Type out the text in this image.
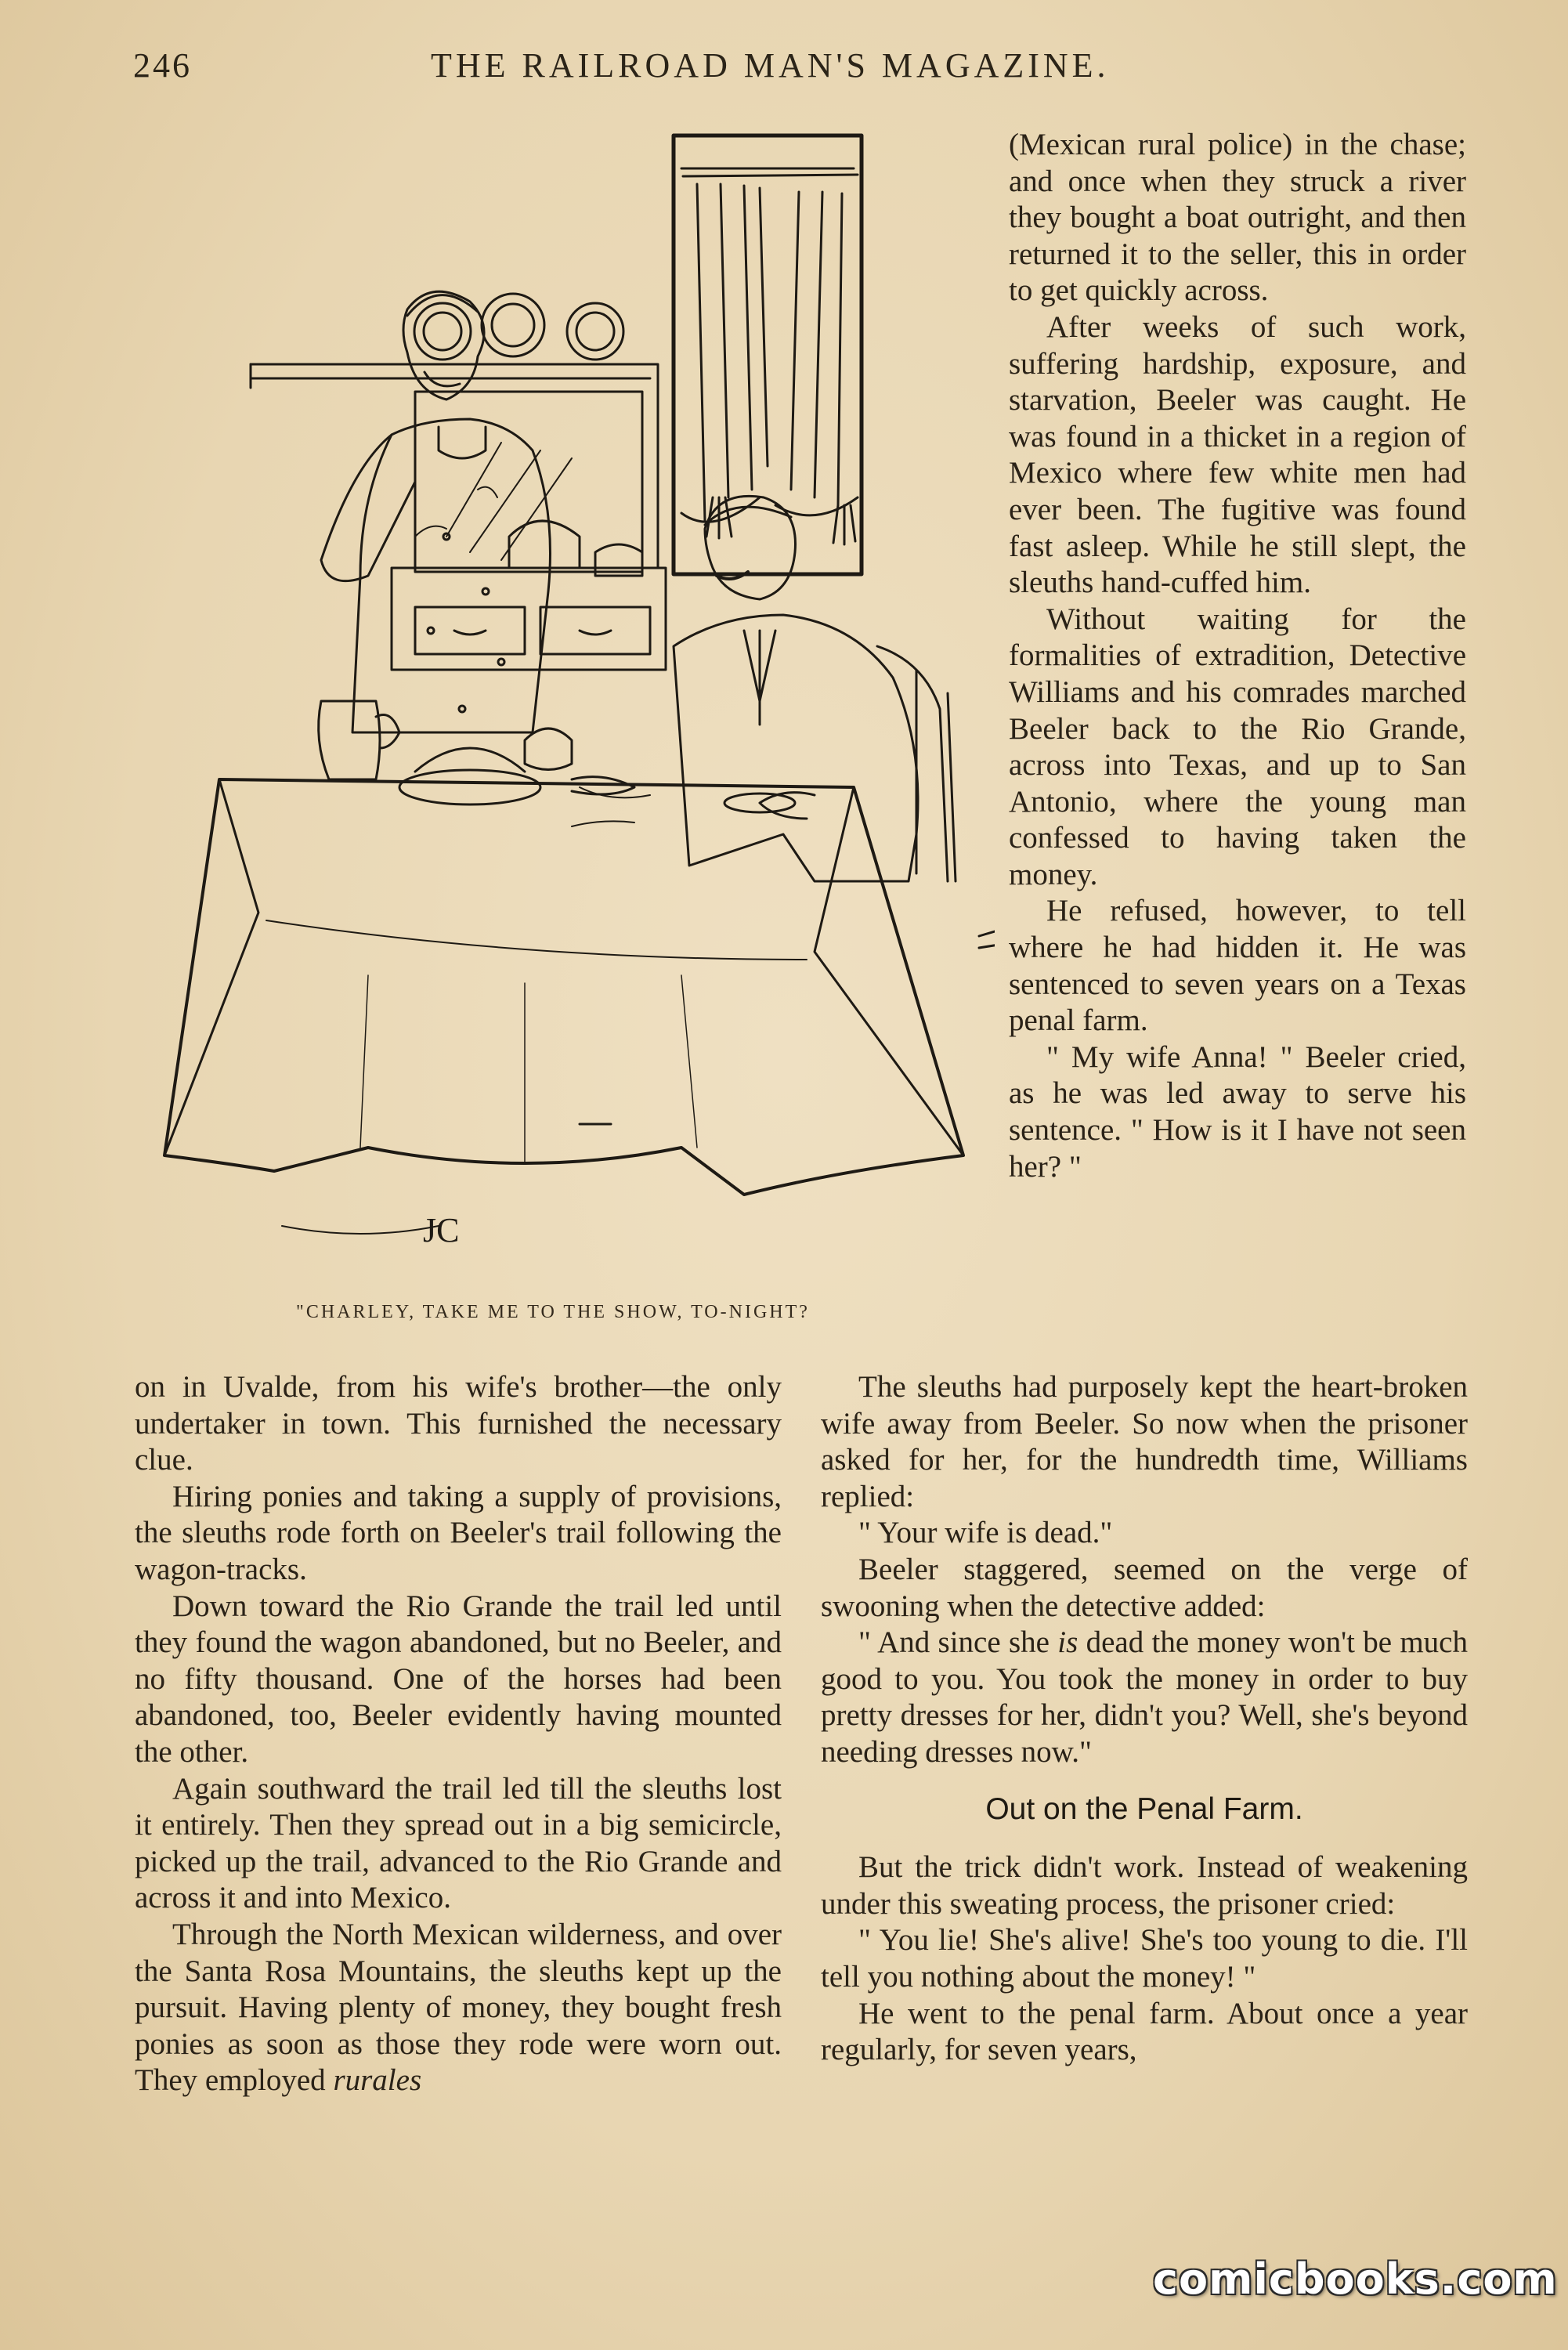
246	THE RAILROAD MAN'S MAGAZINE.
JC
"CHARLEY, TAKE ME TO THE SHOW, TO-NIGHT?

(Mexican rural police) in the chase; and once when they struck a river they bought a boat outright, and then returned it to the seller, this in order to get quickly across.

After weeks of such work, suffering hardship, exposure, and starvation, Beeler was caught. He was found in a thicket in a region of Mexico where few white men had ever been. The fugitive was found fast asleep. While he still slept, the sleuths hand-cuffed him.

Without waiting for the formalities of extradition, Detective Williams and his comrades marched Beeler back to the Rio Grande, across into Texas, and up to San Antonio, where the young man confessed to having taken the money.

He refused, however, to tell where he had hidden it. He was sentenced to seven years on a Texas penal farm.

" My wife Anna! " Beeler cried, as he was led away to serve his sentence. " How is it I have not seen her? "

on in Uvalde, from his wife's brother—the only undertaker in town. This furnished the necessary clue.

Hiring ponies and taking a supply of provisions, the sleuths rode forth on Beeler's trail following the wagon-tracks.

Down toward the Rio Grande the trail led until they found the wagon abandoned, but no Beeler, and no fifty thousand. One of the horses had been abandoned, too, Beeler evidently having mounted the other.

Again southward the trail led till the sleuths lost it entirely. Then they spread out in a big semicircle, picked up the trail, advanced to the Rio Grande and across it and into Mexico.

Through the North Mexican wilderness, and over the Santa Rosa Mountains, the sleuths kept up the pursuit. Having plenty of money, they bought fresh ponies as soon as those they rode were worn out. They employed rurales

The sleuths had purposely kept the heart-broken wife away from Beeler. So now when the prisoner asked for her, for the hundredth time, Williams replied:

" Your wife is dead."

Beeler staggered, seemed on the verge of swooning when the detective added:

" And since she is dead the money won't be much good to you. You took the money in order to buy pretty dresses for her, didn't you? Well, she's beyond needing dresses now."

Out on the Penal Farm.

But the trick didn't work. Instead of weakening under this sweating process, the prisoner cried:

" You lie! She's alive! She's too young to die. I'll tell you nothing about the money! "

He went to the penal farm. About once a year regularly, for seven years,

comicbooks.com
